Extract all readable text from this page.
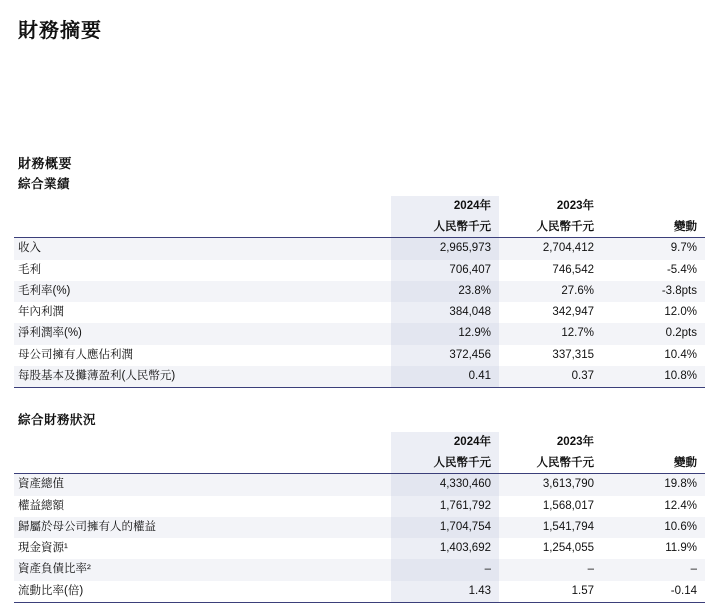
財務摘要
財務概要
綜合業績
	2024年	2023年	
	人民幣千元	人民幣千元	變動
收入	2,965,973	2,704,412	9.7%
毛利	706,407	746,542	-5.4%
毛利率(%)	23.8%	27.6%	-3.8pts
年內利潤	384,048	342,947	12.0%
淨利潤率(%)	12.9%	12.7%	0.2pts
母公司擁有人應佔利潤	372,456	337,315	10.4%
每股基本及攤薄盈利(人民幣元)	0.41	0.37	10.8%
綜合財務狀況
	2024年	2023年	
	人民幣千元	人民幣千元	變動
資產總值	4,330,460	3,613,790	19.8%
權益總額	1,761,792	1,568,017	12.4%
歸屬於母公司擁有人的權益	1,704,754	1,541,794	10.6%
現金資源¹	1,403,692	1,254,055	11.9%
資產負債比率²	–	–	–
流動比率(倍)	1.43	1.57	-0.14
